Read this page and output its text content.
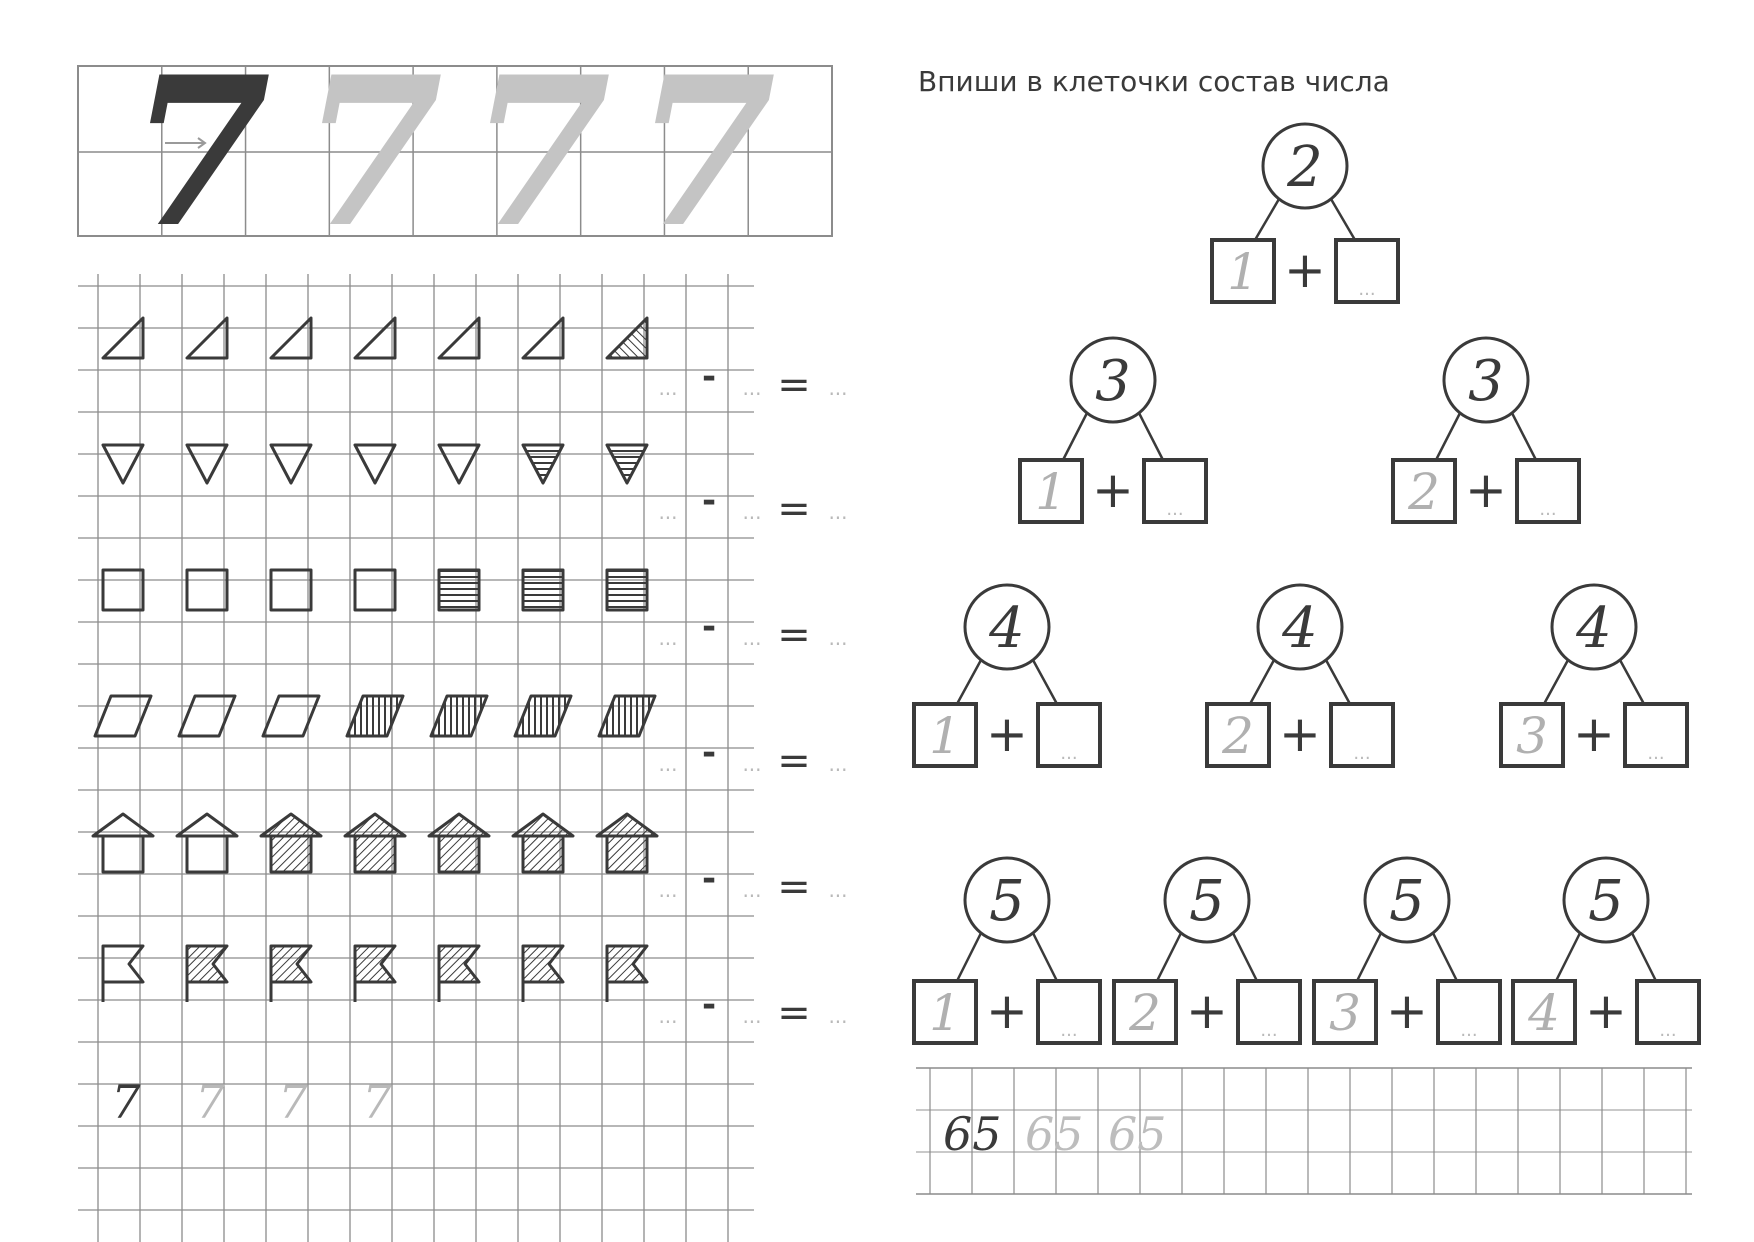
7 7 7 7
... - ... = ...
... - ... = ...
... - ... = ...
... - ... = ...
... - ... = ...
... - ... = ...
7 7 7 7
Впиши в клеточки состав числа
2
1 + ...
3
1 + ...
3
2 + ...
4
1 + ...
4
2 + ...
4
3 + ...
5
1 + ...
5
2 + ...
5
3 + ...
5
4 + ...
65 65 65
